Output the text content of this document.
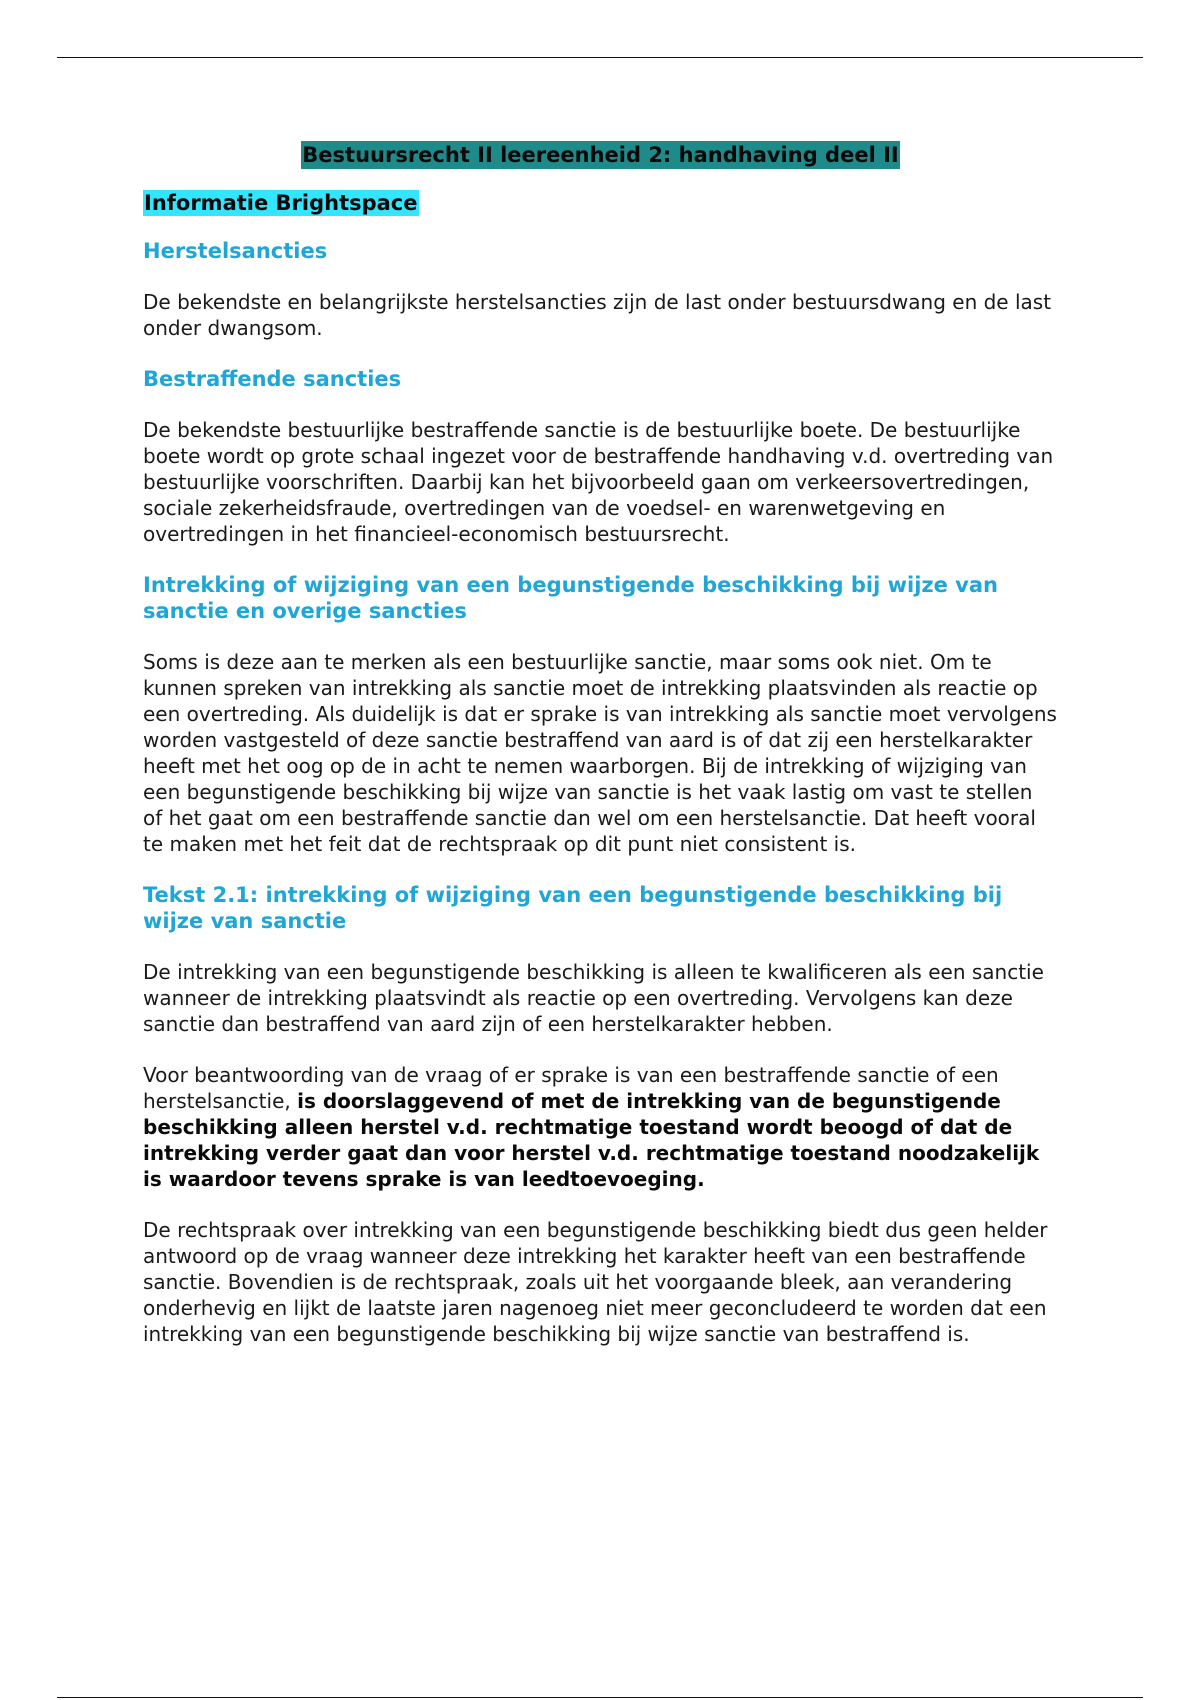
Bestuursrecht II leereenheid 2: handhaving deel II
Informatie Brightspace
Herstelsancties

De bekendste en belangrijkste herstelsancties zijn de last onder bestuursdwang en de last onder dwangsom.

Bestraffende sancties

De bekendste bestuurlijke bestraffende sanctie is de bestuurlijke boete. De bestuurlijke boete wordt op grote schaal ingezet voor de bestraffende handhaving v.d. overtreding van bestuurlijke voorschriften. Daarbij kan het bijvoorbeeld gaan om verkeersovertredingen, sociale zekerheidsfraude, overtredingen van de voedsel- en warenwetgeving en overtredingen in het financieel-economisch bestuursrecht.

Intrekking of wijziging van een begunstigende beschikking bij wijze van sanctie en overige sancties

Soms is deze aan te merken als een bestuurlijke sanctie, maar soms ook niet. Om te kunnen spreken van intrekking als sanctie moet de intrekking plaatsvinden als reactie op een overtreding. Als duidelijk is dat er sprake is van intrekking als sanctie moet vervolgens worden vastgesteld of deze sanctie bestraffend van aard is of dat zij een herstelkarakter heeft met het oog op de in acht te nemen waarborgen. Bij de intrekking of wijziging van een begunstigende beschikking bij wijze van sanctie is het vaak lastig om vast te stellen of het gaat om een bestraffende sanctie dan wel om een herstelsanctie. Dat heeft vooral te maken met het feit dat de rechtspraak op dit punt niet consistent is.

Tekst 2.1: intrekking of wijziging van een begunstigende beschikking bij wijze van sanctie

De intrekking van een begunstigende beschikking is alleen te kwalificeren als een sanctie wanneer de intrekking plaatsvindt als reactie op een overtreding. Vervolgens kan deze sanctie dan bestraffend van aard zijn of een herstelkarakter hebben.

Voor beantwoording van de vraag of er sprake is van een bestraffende sanctie of een herstelsanctie, is doorslaggevend of met de intrekking van de begunstigende beschikking alleen herstel v.d. rechtmatige toestand wordt beoogd of dat de intrekking verder gaat dan voor herstel v.d. rechtmatige toestand noodzakelijk is waardoor tevens sprake is van leedtoevoeging.

De rechtspraak over intrekking van een begunstigende beschikking biedt dus geen helder antwoord op de vraag wanneer deze intrekking het karakter heeft van een bestraffende sanctie. Bovendien is de rechtspraak, zoals uit het voorgaande bleek, aan verandering onderhevig en lijkt de laatste jaren nagenoeg niet meer geconcludeerd te worden dat een intrekking van een begunstigende beschikking bij wijze sanctie van bestraffend is.
